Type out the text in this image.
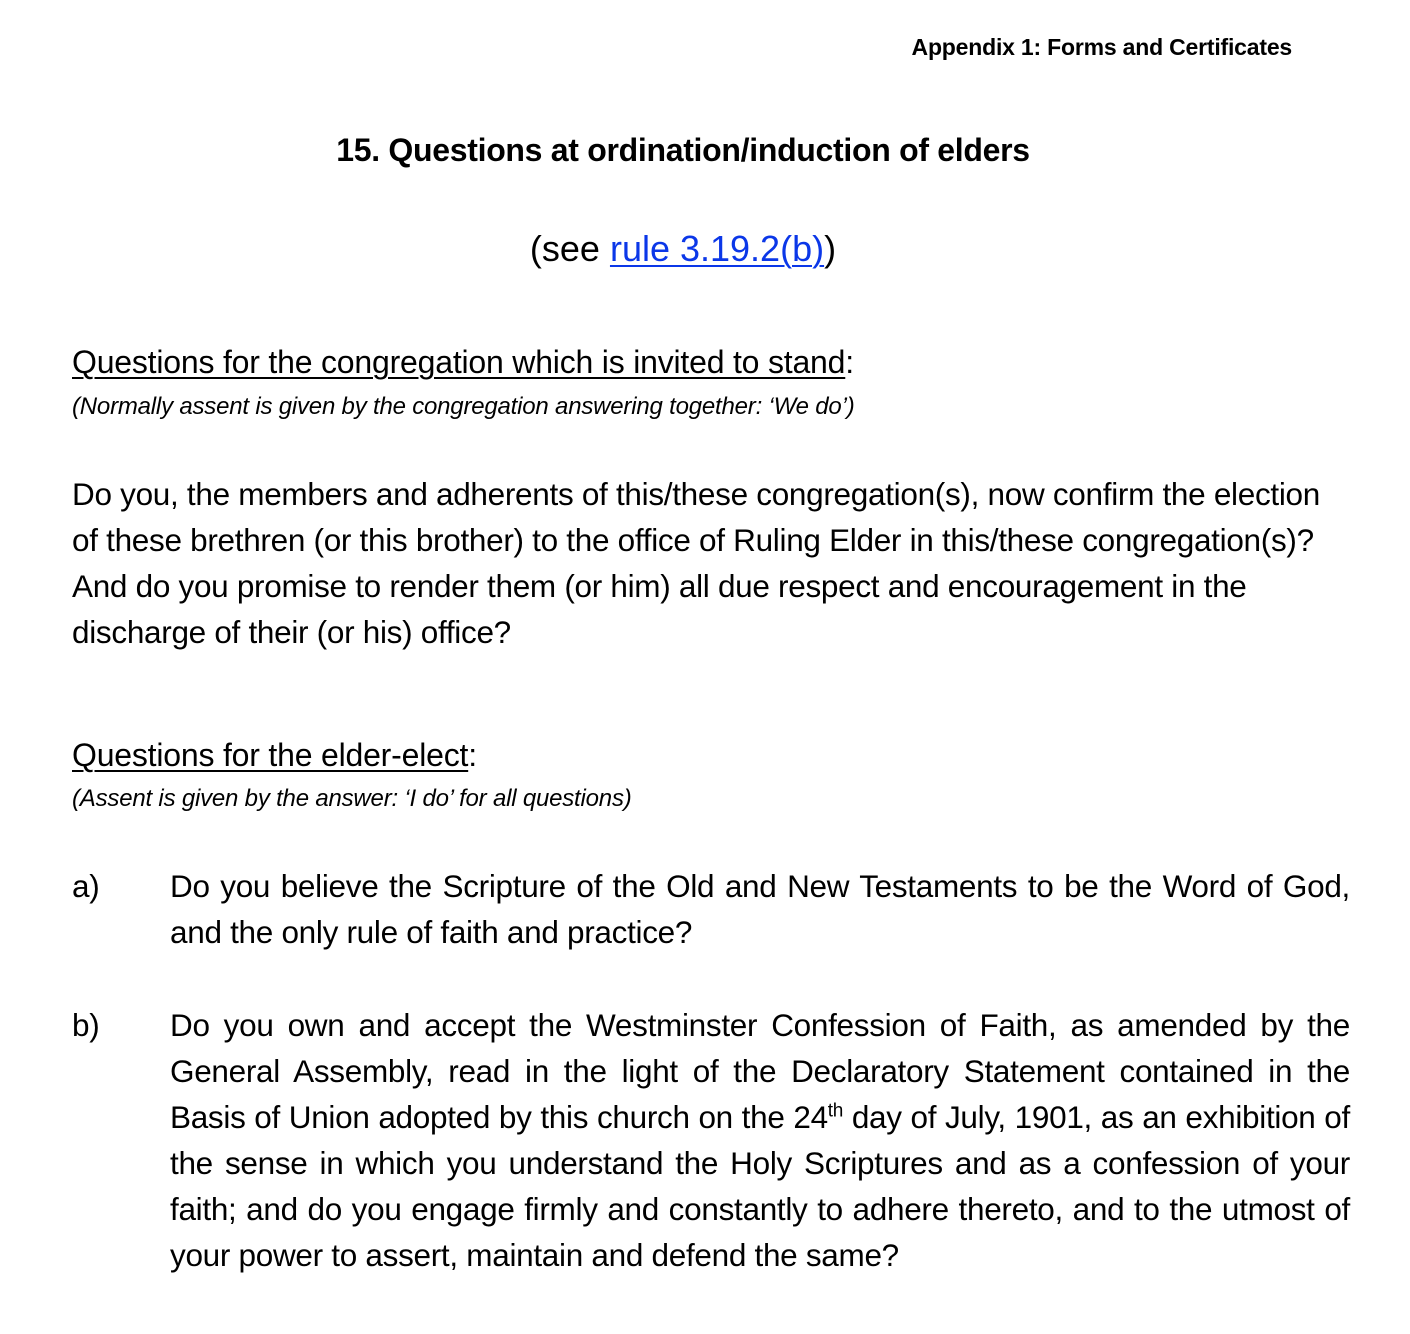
Appendix 1: Forms and Certificates
15. Questions at ordination/induction of elders
(see rule 3.19.2(b))
Questions for the congregation which is invited to stand:
(Normally assent is given by the congregation answering together: ‘We do’)

Do you, the members and adherents of this/these congregation(s), now confirm the election of these brethren (or this brother) to the office of Ruling Elder in this/these congregation(s)?

And do you promise to render them (or him) all due respect and encouragement in the discharge of their (or his) office?

Questions for the elder-elect:
(Assent is given by the answer: ‘I do’ for all questions)
a) Do you believe the Scripture of the Old and New Testaments to be the Word of God, and the only rule of faith and practice?
b) Do you own and accept the Westminster Confession of Faith, as amended by the General Assembly, read in the light of the Declaratory Statement contained in the Basis of Union adopted by this church on the 24th day of July, 1901, as an exhibition of the sense in which you understand the Holy Scriptures and as a confession of your faith; and do you engage firmly and constantly to adhere thereto, and to the utmost of your power to assert, maintain and defend the same?
